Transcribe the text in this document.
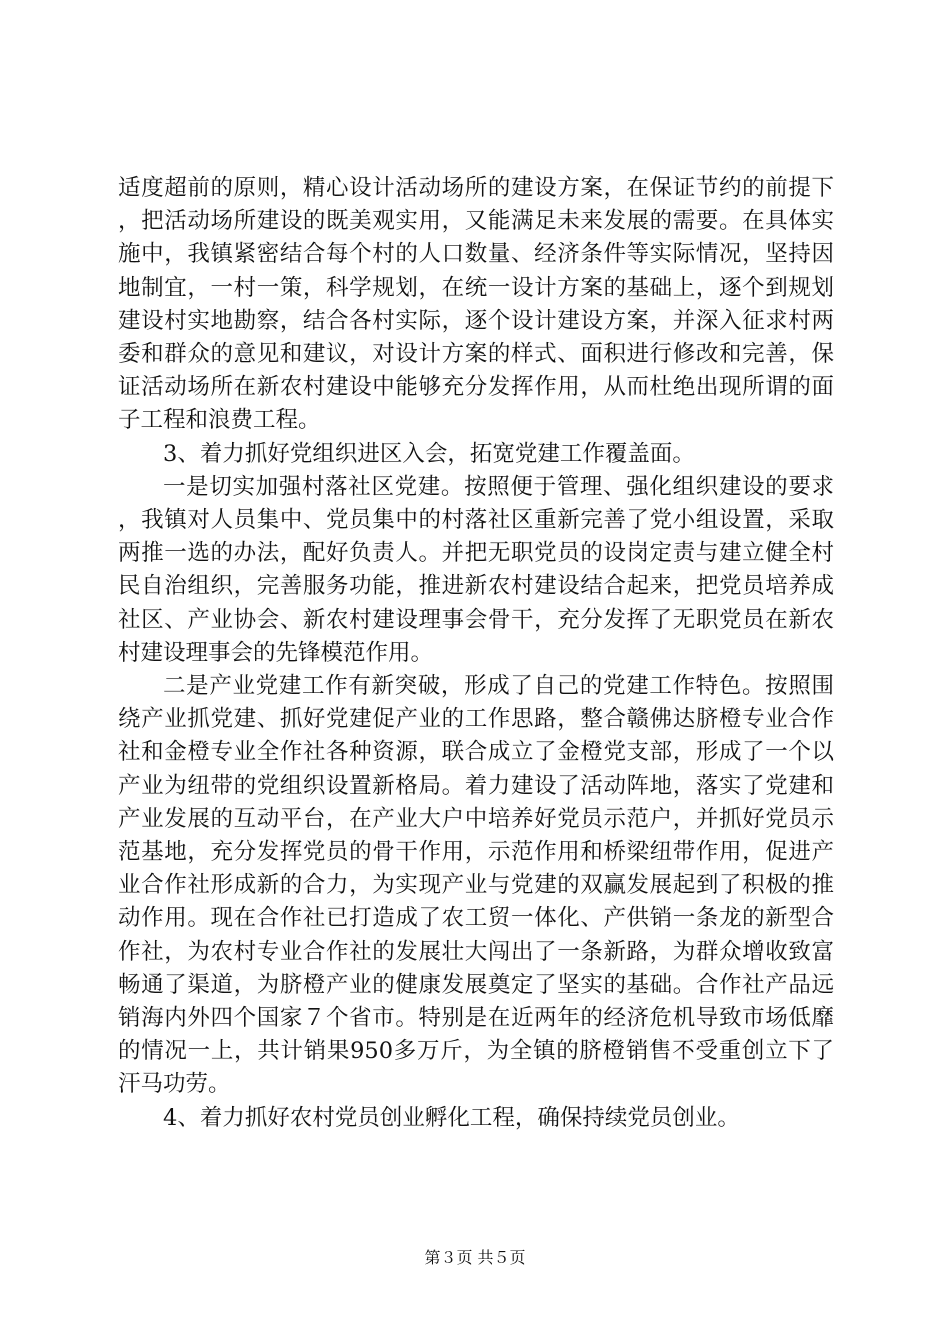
适度超前的原则，精心设计活动场所的建设方案，在保证节约的前提下，把活动场所建设的既美观实用，又能满足未来发展的需要。在具体实施中，我镇紧密结合每个村的人口数量、经济条件等实际情况，坚持因地制宜，一村一策，科学规划，在统一设计方案的基础上，逐个到规划建设村实地勘察，结合各村实际，逐个设计建设方案，并深入征求村两委和群众的意见和建议，对设计方案的样式、面积进行修改和完善，保证活动场所在新农村建设中能够充分发挥作用，从而杜绝出现所谓的面子工程和浪费工程。

3、着力抓好党组织进区入会，拓宽党建工作覆盖面。

一是切实加强村落社区党建。按照便于管理、强化组织建设的要求，我镇对人员集中、党员集中的村落社区重新完善了党小组设置，采取两推一选的办法，配好负责人。并把无职党员的设岗定责与建立健全村民自治组织，完善服务功能，推进新农村建设结合起来，把党员培养成社区、产业协会、新农村建设理事会骨干，充分发挥了无职党员在新农村建设理事会的先锋模范作用。

二是产业党建工作有新突破，形成了自己的党建工作特色。按照围绕产业抓党建、抓好党建促产业的工作思路，整合赣佛达脐橙专业合作社和金橙专业全作社各种资源，联合成立了金橙党支部，形成了一个以产业为纽带的党组织设置新格局。着力建设了活动阵地，落实了党建和产业发展的互动平台，在产业大户中培养好党员示范户，并抓好党员示范基地，充分发挥党员的骨干作用，示范作用和桥梁纽带作用，促进产业合作社形成新的合力，为实现产业与党建的双赢发展起到了积极的推动作用。现在合作社已打造成了农工贸一体化、产供销一条龙的新型合作社，为农村专业合作社的发展壮大闯出了一条新路，为群众增收致富畅通了渠道，为脐橙产业的健康发展奠定了坚实的基础。合作社产品远销海内外四个国家７个省市。特别是在近两年的经济危机导致市场低靡的情况一上，共计销果950多万斤，为全镇的脐橙销售不受重创立下了汗马功劳。

4、着力抓好农村党员创业孵化工程，确保持续党员创业。

第３页 共５页
